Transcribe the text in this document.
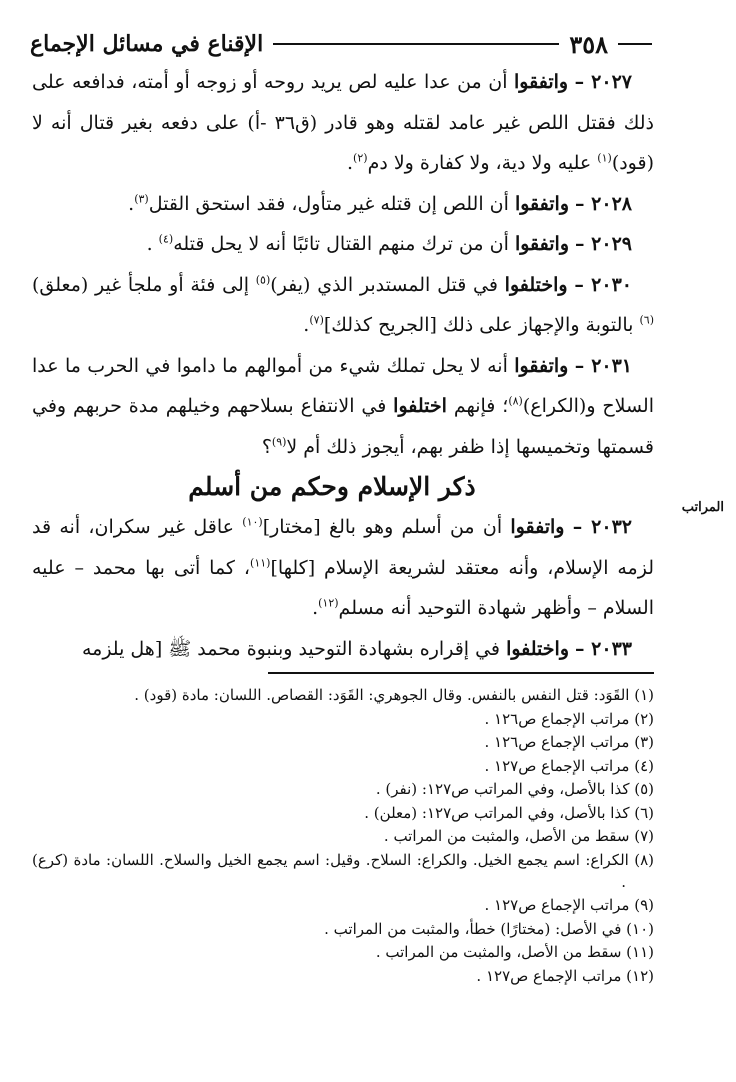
٣٥٨
الإقناع في مسائل الإجماع
المراتب

٢٠٢٧ – واتفقوا أن من عدا عليه لص يريد روحه أو زوجه أو أمته، فدافعه على ذلك فقتل اللص غير عامد لقتله وهو قادر (ق٣٦ -أ) على دفعه بغير قتال أنه لا (قود)$^{(١)}$ عليه ولا دية، ولا كفارة ولا دم$^{(٢)}$.

٢٠٢٨ – واتفقوا أن اللص إن قتله غير متأول، فقد استحق القتل$^{(٣)}$.

٢٠٢٩ – واتفقوا أن من ترك منهم القتال تائبًا أنه لا يحل قتله$^{(٤)}$ .

٢٠٣٠ – واختلفوا في قتل المستدبر الذي (يفر)$^{(٥)}$ إلى فئة أو ملجأ غير (معلق)$^{(٦)}$ بالتوبة والإجهاز على ذلك [الجريح كذلك]$^{(٧)}$.

٢٠٣١ – واتفقوا أنه لا يحل تملك شيء من أموالهم ما داموا في الحرب ما عدا السلاح و(الكراع)$^{(٨)}$؛ فإنهم اختلفوا في الانتفاع بسلاحهم وخيلهم مدة حربهم وفي قسمتها وتخميسها إذا ظفر بهم، أيجوز ذلك أم لا$^{(٩)}$؟

ذكر الإسلام وحكم من أسلم

٢٠٣٢ – واتفقوا أن من أسلم وهو بالغ [مختار]$^{(١٠)}$ عاقل غير سكران، أنه قد لزمه الإسلام، وأنه معتقد لشريعة الإسلام [كلها]$^{(١١)}$، كما أتى بها محمد – عليه السلام – وأظهر شهادة التوحيد أنه مسلم$^{(١٢)}$.

٢٠٣٣ – واختلفوا في إقراره بشهادة التوحيد وبنبوة محمد ﷺ [هل يلزمه

(١) القَوَد: قتل النفس بالنفس. وقال الجوهري: القَوَد: القصاص. اللسان: مادة (قود) .

(٢) مراتب الإجماع ص١٢٦ .

(٣) مراتب الإجماع ص١٢٦ .

(٤) مراتب الإجماع ص١٢٧ .

(٥) كذا بالأصل، وفي المراتب ص١٢٧: (نفر) .

(٦) كذا بالأصل، وفي المراتب ص١٢٧: (معلن) .

(٧) سقط من الأصل، والمثبت من المراتب .

(٨) الكراع: اسم يجمع الخيل. والكراع: السلاح. وقيل: اسم يجمع الخيل والسلاح. اللسان: مادة (كرع) .

(٩) مراتب الإجماع ص١٢٧ .

(١٠) في الأصل: (مختارًا) خطأ، والمثبت من المراتب .

(١١) سقط من الأصل، والمثبت من المراتب .

(١٢) مراتب الإجماع ص١٢٧ .
